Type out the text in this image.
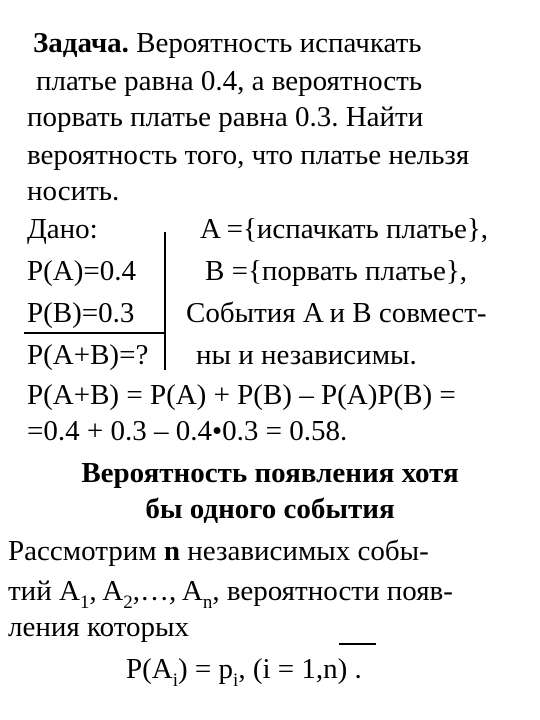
Задача. Вероятность испачкать
платье равна 0.4, а вероятность
порвать платье равна 0.3. Найти
вероятность того, что платье нельзя
носить.
Дано:
P(A)=0.4
P(B)=0.3
P(A+B)=?
A ={испачкать платье},
B ={порвать платье},
События A и B совмест-
ны и независимы.
P(A+B) = P(A) + P(B) – P(A)P(B) =
=0.4 + 0.3 – 0.4•0.3 = 0.58.
Вероятность появления хотя
бы одного события
Рассмотрим n независимых собы-
тий $A_1$, $A_2,\dots$, $A_n$, вероятности появ-
ления которых
$P(A_i) = p_i$, (i = 1,n) .
